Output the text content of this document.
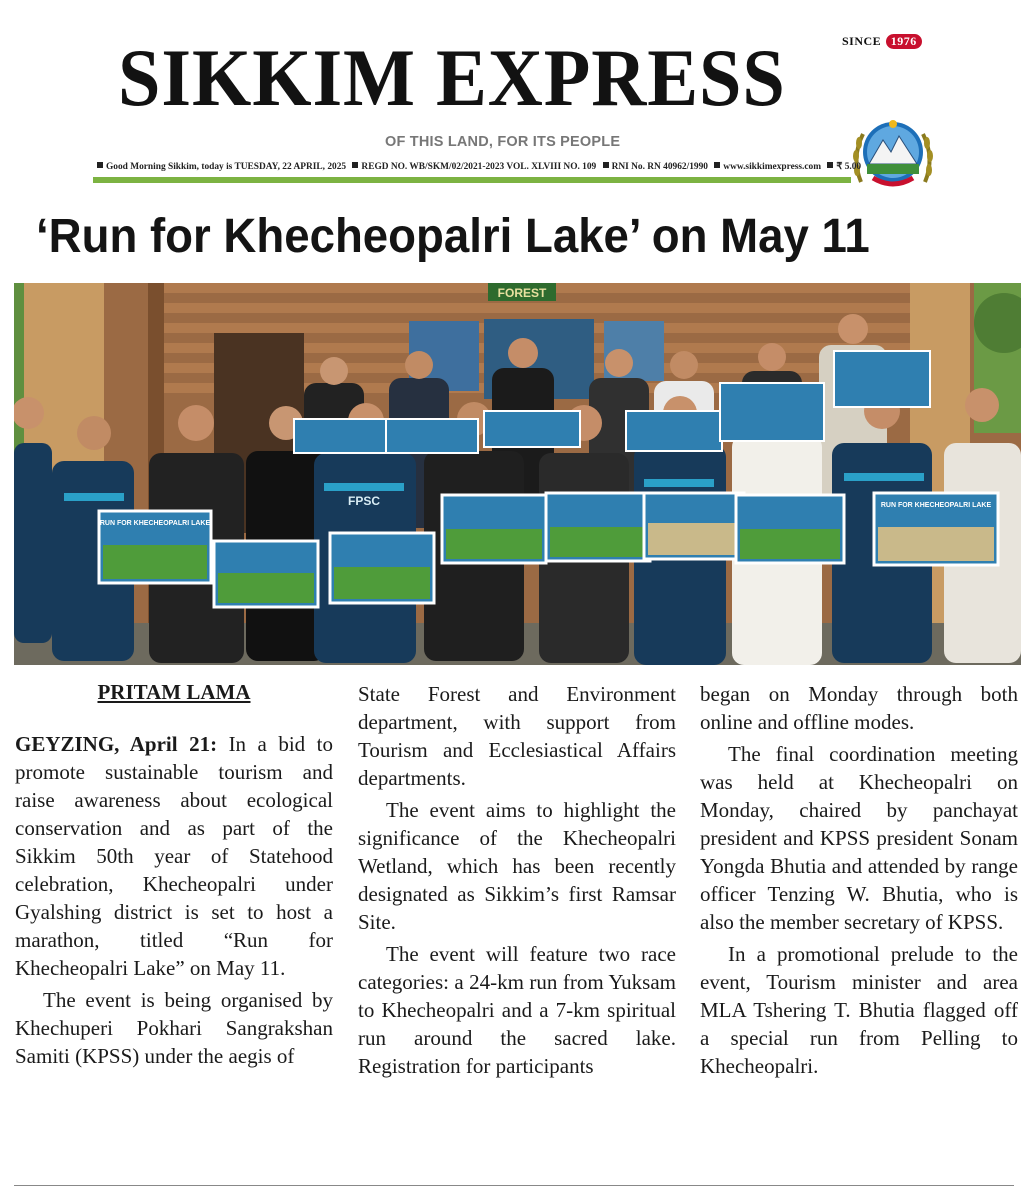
SINCE 1976
SIKKIM EXPRESS
OF THIS LAND, FOR ITS PEOPLE
Good Morning Sikkim, today is TUESDAY, 22 APRIL, 2025 REGD NO. WB/SKM/02/2021-2023 VOL. XLVIII NO. 109 RNI No. RN 40962/1990 www.sikkimexpress.com ₹ 5.00
‘Run for Khecheopalri Lake’ on May 11
FOREST
FPSC
RUN FOR KHECHEOPALRI LAKE
RUN FOR KHECHEOPALRI LAKE

PRITAM LAMA

GEYZING, April 21: In a bid to promote sustainable tourism and raise awareness about ecological conservation and as part of the Sikkim 50th year of Statehood celebration, Khecheopalri under Gyalshing district is set to host a marathon, titled “Run for Khecheopalri Lake” on May 11.

The event is being organised by Khechuperi Pokhari Sangrakshan Samiti (KPSS) under the aegis of

State Forest and Environment department, with support from Tourism and Ecclesiastical Affairs departments.

The event aims to highlight the significance of the Khecheopalri Wetland, which has been recently designated as Sikkim’s first Ramsar Site.

The event will feature two race categories: a 24-km run from Yuksam to Khecheopalri and a 7-km spiritual run around the sacred lake. Registration for participants

began on Monday through both online and offline modes.

The final coordination meeting was held at Khecheopalri on Monday, chaired by panchayat president and KPSS president Sonam Yongda Bhutia and attended by range officer Tenzing W. Bhutia, who is also the member secretary of KPSS.

In a promotional prelude to the event, Tourism minister and area MLA Tshering T. Bhutia flagged off a special run from Pelling to Khecheopalri.
